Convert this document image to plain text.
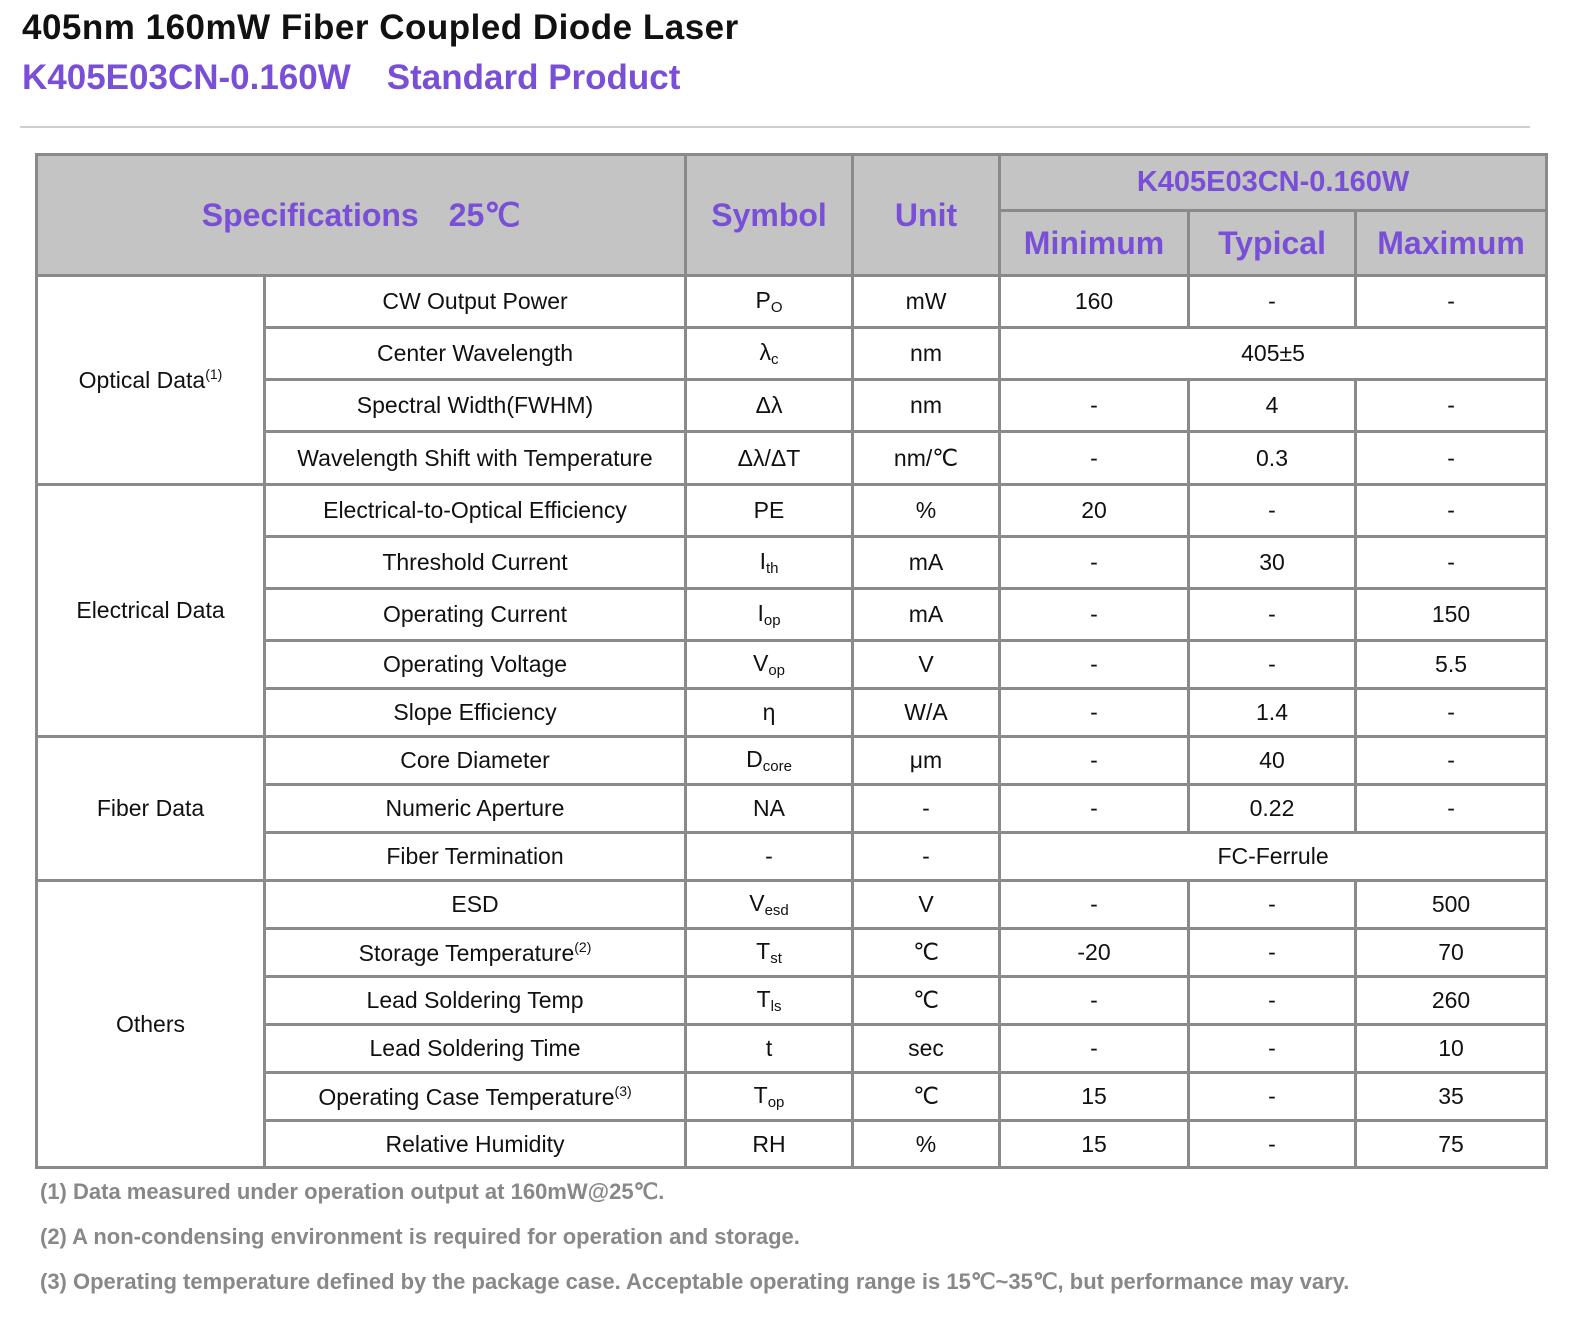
405nm 160mW Fiber Coupled Diode Laser
K405E03CN-0.160W Standard Product
Specifications 25℃		Symbol	Unit	K405E03CN-0.160W		
				Minimum	Typical	Maximum
Optical Data$^{(1)}$	CW Output Power	$P_O$	mW	160	-	-
	Center Wavelength	$\lambda_c$	nm	405±5		
	Spectral Width(FWHM)	Δλ	nm	-	4	-
	Wavelength Shift with Temperature	Δλ/ΔT	nm/℃	-	0.3	-
Electrical Data	Electrical-to-Optical Efficiency	PE	%	20	-	-
	Threshold Current	$I_{th}$	mA	-	30	-
	Operating Current	$I_{op}$	mA	-	-	150
	Operating Voltage	$V_{op}$	V	-	-	5.5
	Slope Efficiency	η	W/A	-	1.4	-
Fiber Data	Core Diameter	$D_{core}$	μm	-	40	-
	Numeric Aperture	NA	-	-	0.22	-
	Fiber Termination	-	-	FC-Ferrule		
Others	ESD	$V_{esd}$	V	-	-	500
	Storage Temperature$^{(2)}$	$T_{st}$	℃	-20	-	70
	Lead Soldering Temp	$T_{ls}$	℃	-	-	260
	Lead Soldering Time	t	sec	-	-	10
	Operating Case Temperature$^{(3)}$	$T_{op}$	℃	15	-	35
	Relative Humidity	RH	%	15	-	75
(1) Data measured under operation output at 160mW@25℃.
(2) A non-condensing environment is required for operation and storage.
(3) Operating temperature defined by the package case. Acceptable operating range is 15℃~35℃, but performance may vary.
